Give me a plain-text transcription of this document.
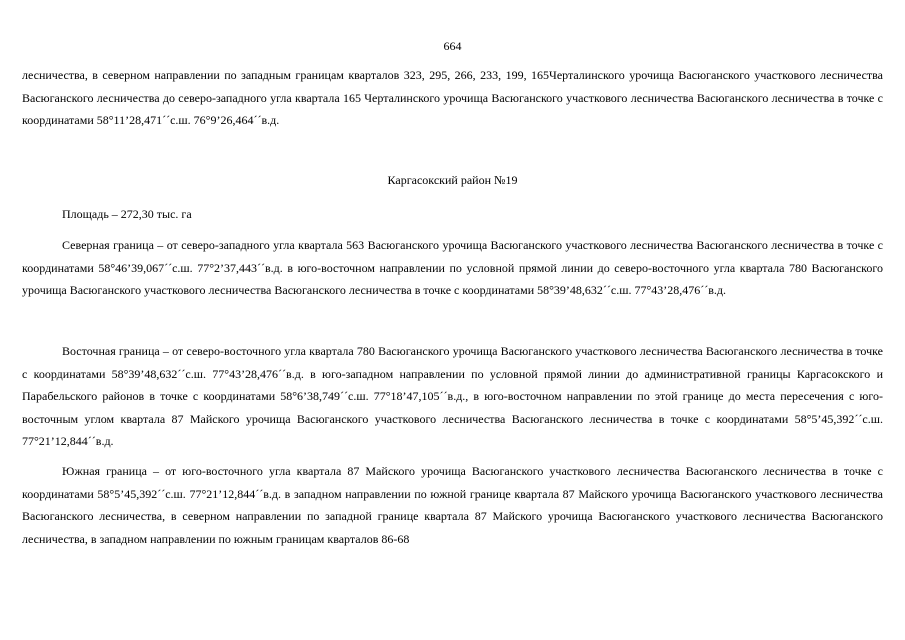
664

лесничества, в северном направлении по западным границам кварталов 323, 295, 266, 233, 199, 165Черталинского урочища Васюганского участкового лесничества Васюганского лесничества до северо-западного угла квартала 165 Черталинского урочища Васюганского участкового лесничества Васюганского лесничества в точке с координатами 58°11’28,471´´с.ш. 76°9’26,464´´в.д.

Каргасокский район №19
Площадь – 272,30 тыс. га

Северная граница – от северо-западного угла квартала 563 Васюганского урочища Васюганского участкового лесничества Васюганского лесничества в точке с координатами 58°46’39,067´´с.ш. 77°2’37,443´´в.д. в юго-восточном направлении по условной прямой линии до северо-восточного угла квартала 780 Васюганского урочища Васюганского участкового лесничества Васюганского лесничества в точке с координатами 58°39’48,632´´с.ш. 77°43’28,476´´в.д.

Восточная граница – от северо-восточного угла квартала 780 Васюганского урочища Васюганского участкового лесничества Васюганского лесничества в точке с координатами 58°39’48,632´´с.ш. 77°43’28,476´´в.д. в юго-западном направлении по условной прямой линии до административной границы Каргасокского и Парабельского районов в точке с координатами 58°6’38,749´´с.ш. 77°18’47,105´´в.д., в юго-восточном направлении по этой границе до места пересечения с юго-восточным углом квартала 87 Майского урочища Васюганского участкового лесничества Васюганского лесничества в точке с координатами 58°5’45,392´´с.ш. 77°21’12,844´´в.д.

Южная граница – от юго-восточного угла квартала 87 Майского урочища Васюганского участкового лесничества Васюганского лесничества в точке с координатами 58°5’45,392´´с.ш. 77°21’12,844´´в.д. в западном направлении по южной границе квартала 87 Майского урочища Васюганского участкового лесничества Васюганского лесничества, в северном направлении по западной границе квартала 87 Майского урочища Васюганского участкового лесничества Васюганского лесничества, в западном направлении по южным границам кварталов 86-68
